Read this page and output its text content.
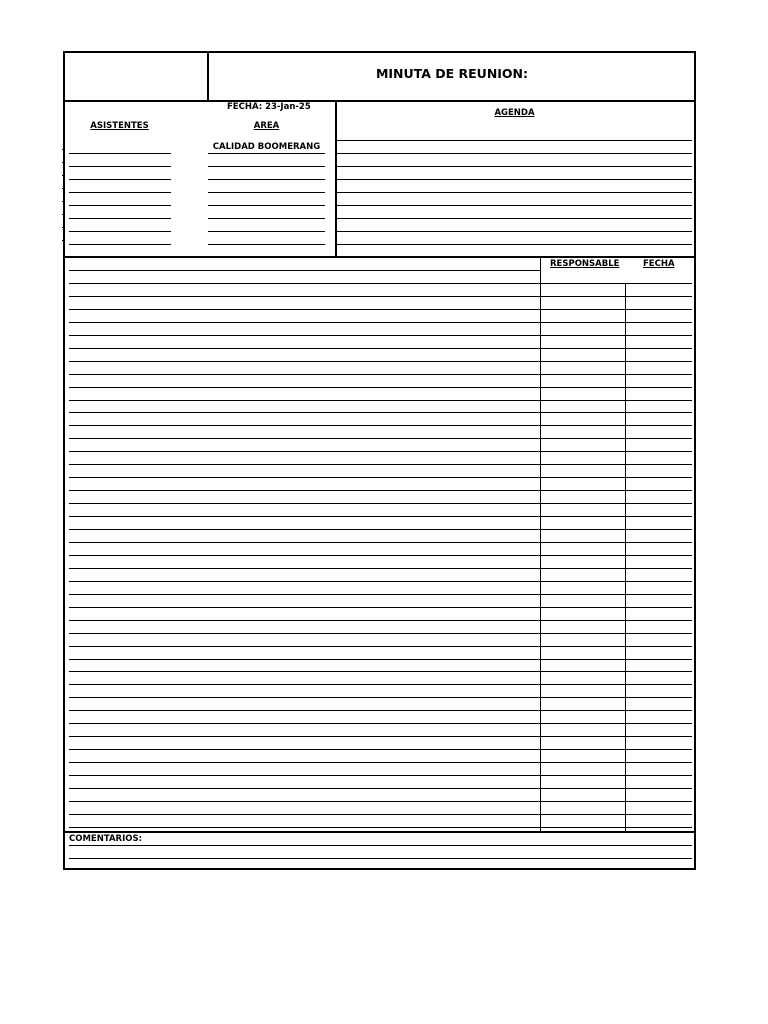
MINUTA DE REUNION:
FECHA: 23-Jan-25
ASISTENTES	AREA
AGENDA
CALIDAD BOOMERANG
RESPONSABLE	FECHA
COMENTARIOS:
